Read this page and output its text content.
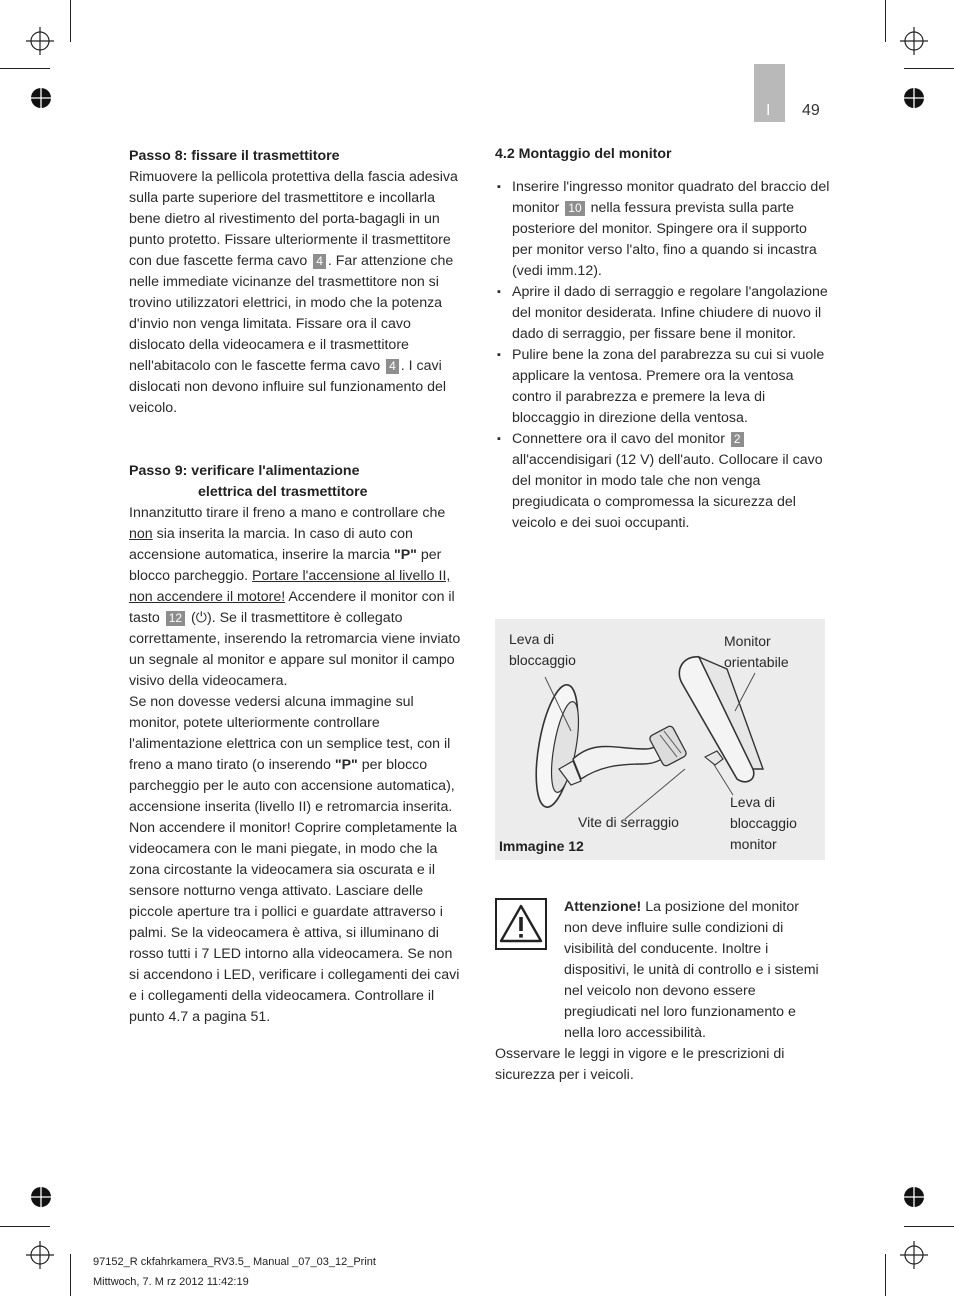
I 49
Passo 8: fissare il trasmettitore

Rimuovere la pellicola protettiva della fascia adesiva sulla parte superiore del trasmettitore e incollarla bene dietro al rivestimento del porta-bagagli in un punto protetto. Fissare ulteriormente il trasmettitore con due fascette ferma cavo 4 . Far attenzione che nelle immediate vicinanze del trasmettitore non si trovino utilizzatori elettrici, in modo che la potenza d'invio non venga limitata. Fissare ora il cavo dislocato della videocamera e il trasmettitore nell'abitacolo con le fascette ferma cavo 4 . I cavi dislocati non devono influire sul funzionamento del veicolo.

Passo 9: verificare l'alimentazione
elettrica del trasmettitore

Innanzitutto tirare il freno a mano e controllare che non sia inserita la marcia. In caso di auto con accensione automatica, inserire la marcia "P" per blocco parcheggio. Portare l'accensione al livello II, non accendere il motore! Accendere il monitor con il tasto 12 (⏻). Se il trasmettitore è collegato correttamente, inserendo la retromarcia viene inviato un segnale al monitor e appare sul monitor il campo visivo della videocamera.

Se non dovesse vedersi alcuna immagine sul monitor, potete ulteriormente controllare l'alimentazione elettrica con un semplice test, con il freno a mano tirato (o inserendo "P" per blocco parcheggio per le auto con accensione automatica), accensione inserita (livello II) e retromarcia inserita. Non accendere il monitor! Coprire completamente la videocamera con le mani piegate, in modo che la zona circostante la videocamera sia oscurata e il sensore notturno venga attivato. Lasciare delle piccole aperture tra i pollici e guardate attraverso i palmi. Se la videocamera è attiva, si illuminano di rosso tutti i 7 LED intorno alla videocamera. Se non si accendono i LED, verificare i collegamenti dei cavi e i collegamenti della videocamera. Controllare il punto 4.7 a pagina 51.

4.2 Montaggio del monitor
▪ Inserire l'ingresso monitor quadrato del braccio del monitor 10 nella fessura prevista sulla parte posteriore del monitor. Spingere ora il supporto per monitor verso l'alto, fino a quando si incastra (vedi imm.12).
▪ Aprire il dado di serraggio e regolare l'angolazione del monitor desiderata. Infine chiudere di nuovo il dado di serraggio, per fissare bene il monitor.
▪ Pulire bene la zona del parabrezza su cui si vuole applicare la ventosa. Premere ora la ventosa contro il parabrezza e premere la leva di bloccaggio in direzione della ventosa.
▪ Connettere ora il cavo del monitor 2 all'accendisigari (12 V) dell'auto. Collocare il cavo del monitor in modo tale che non venga pregiudicata o compromessa la sicurezza del veicolo e dei suoi occupanti.
Leva di
bloccaggio
Monitor
orientabile
Vite di serraggio
Leva di
bloccaggio
monitor
Immagine 12
Attenzione! La posizione del monitor non deve influire sulle condizioni di visibilità del conducente. Inoltre i dispositivi, le unità di controllo e i sistemi nel veicolo non devono essere pregiudicati nel loro funzionamento e nella loro accessibilità.
Osservare le leggi in vigore e le prescrizioni di sicurezza per i veicoli.
97152_R ckfahrkamera_RV3.5_ Manual _07_03_12_Print
Mittwoch, 7. M rz 2012 11:42:19
